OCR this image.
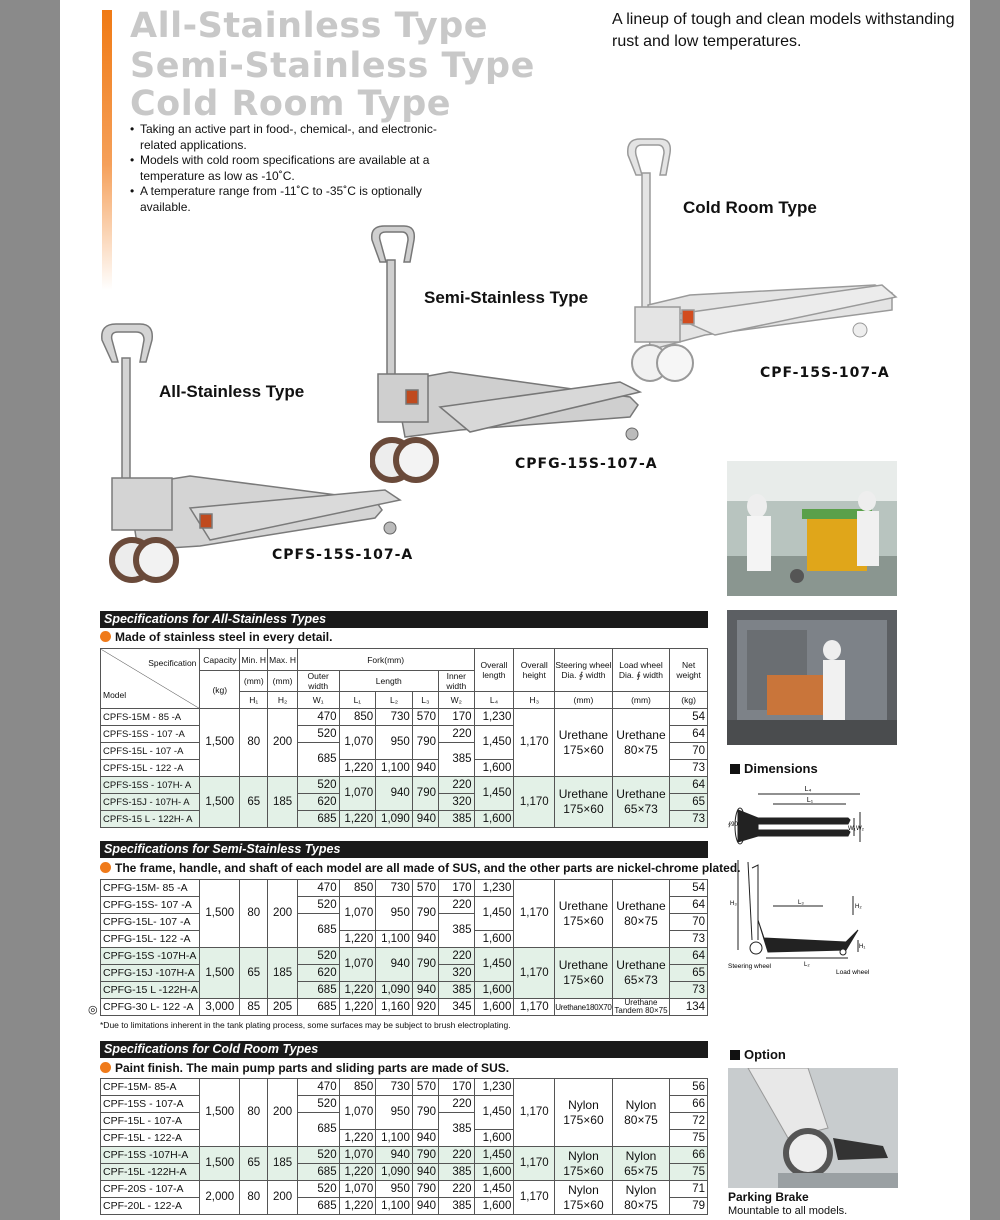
All-Stainless Type
Semi-Stainless Type
Cold Room Type
A lineup of tough and clean models withstanding rust and low temperatures.
• Taking an active part in food-, chemical-, and electronic-related applications.
• Models with cold room specifications are available at a temperature as low as -10˚C.
• A temperature range from -11˚C to -35˚C is optionally available.	Cold Room Type
CPF-15S-107-A
Semi-Stainless Type
CPFG-15S-107-A
All-Stainless Type
CPFS-15S-107-A
Dimensions
L₄
L₁
W₁ W₂
∮90
H₃	L₃
L₂
H₂
H₁
Steering wheel
Load wheel
Option
Parking Brake
Mountable to all models.
Specifications for All-Stainless Types
Made of stainless steel in every detail.
Specification
Model	Capacity	Min. H	Max. H	Fork(mm)					Overall length	Overall height	Steering wheel Dia. ∮ width	Load wheel Dia. ∮ width	Net weight
	(kg)	(mm)	(mm)	Outer width	Length			Inner width					
		H₁	H₂	W₁	L₁	L₂	L₃	W₂	L₄	H₃	(mm)	(mm)	(kg)
CPFS-15M - 85 -A	1,500	80	200	470	850	730	570	170	1,230	1,170	Urethane 175×60	Urethane 80×75	54
CPFS-15S - 107 -A				520	1,070	950	790	220	1,450				64
CPFS-15L - 107 -A				685				385					70
CPFS-15L - 122 -A					1,220	1,100	940		1,600				73
CPFS-15S - 107H- A	1,500	65	185	520	1,070	940	790	220	1,450	1,170	Urethane 175×60	Urethane 65×73	64
CPFS-15J - 107H- A				620				320					65
CPFS-15 L - 122H- A				685	1,220	1,090	940	385	1,600				73
Specifications for Semi-Stainless Types
The frame, handle, and shaft of each model are all made of SUS, and the other parts are nickel-chrome plated.
CPFG-15M- 85 -A	1,500	80	200	470	850	730	570	170	1,230	1,170	Urethane 175×60	Urethane 80×75	54
CPFG-15S- 107 -A				520	1,070	950	790	220	1,450				64
CPFG-15L- 107 -A				685				385					70
CPFG-15L- 122 -A					1,220	1,100	940		1,600				73
CPFG-15S -107H-A	1,500	65	185	520	1,070	940	790	220	1,450	1,170	Urethane 175×60	Urethane 65×73	64
CPFG-15J -107H-A				620				320					65
CPFG-15 L -122H-A				685	1,220	1,090	940	385	1,600				73
CPFG-30 L- 122 -A	3,000	85	205	685	1,220	1,160	920	345	1,600	1,170	Urethane180X70	Urethane Tandem 80×75	134
◎
*Due to limitations inherent in the tank plating process, some surfaces may be subject to brush electroplating.
Specifications for Cold Room Types
Paint finish. The main pump parts and sliding parts are made of SUS.
CPF-15M- 85-A	1,500	80	200	470	850	730	570	170	1,230	1,170	Nylon 175×60	Nylon 80×75	56
CPF-15S - 107-A				520	1,070	950	790	220	1,450				66
CPF-15L - 107-A				685				385					72
CPF-15L - 122-A					1,220	1,100	940		1,600				75
CPF-15S -107H-A	1,500	65	185	520	1,070	940	790	220	1,450	1,170	Nylon 175×60	Nylon 65×75	66
CPF-15L -122H-A				685	1,220	1,090	940	385	1,600				75
CPF-20S - 107-A	2,000	80	200	520	1,070	950	790	220	1,450	1,170	Nylon 175×60	Nylon 80×75	71
CPF-20L - 122-A				685	1,220	1,100	940	385	1,600				79
